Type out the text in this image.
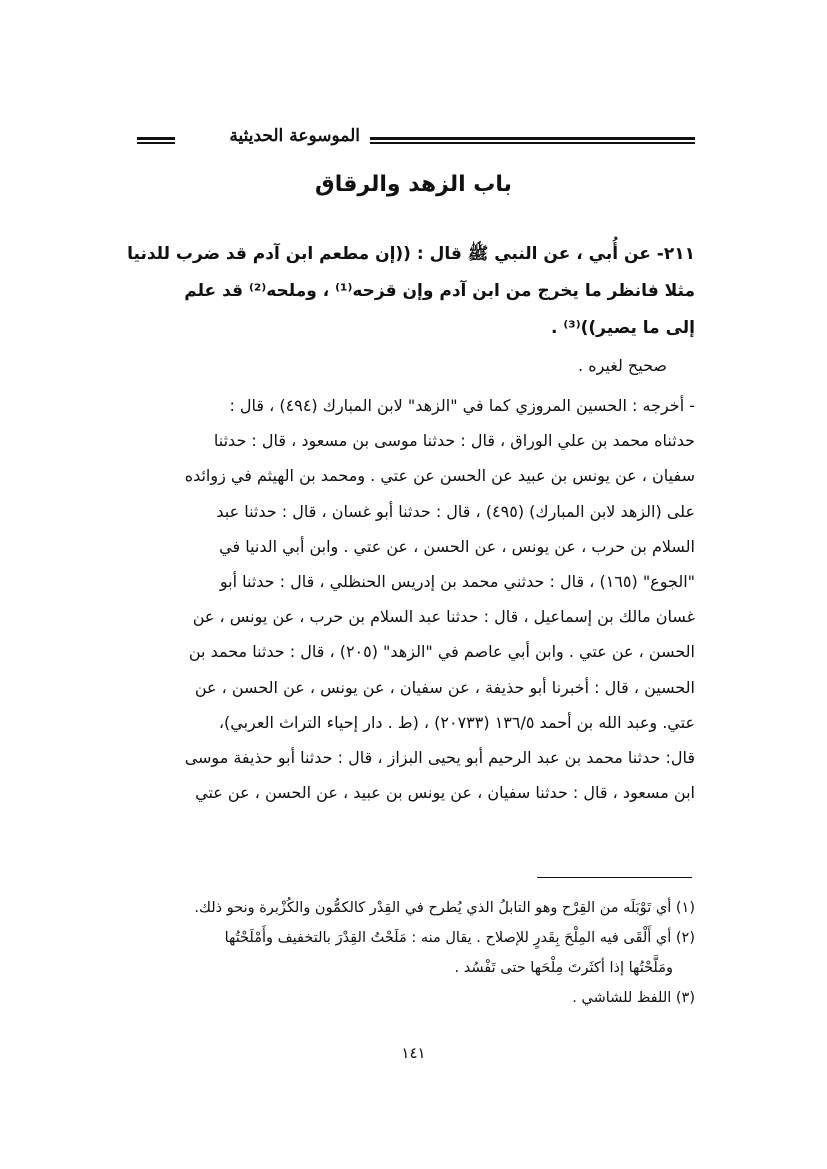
الموسوعة الحديثية
باب الزهد والرقاق

٢١١- عن أُبي ، عن النبي ﷺ قال : ((إن مطعم ابن آدم قد ضرب للدنيا
مثلا فانظر ما يخرج من ابن آدم وإن قزحه⁽¹⁾ ، وملحه⁽²⁾ قد علم
إلى ما يصير))⁽³⁾ .

صحيح لغيره .

- أخرجه : الحسين المروزي كما في "الزهد" لابن المبارك (٤٩٤) ، قال :
حدثناه محمد بن علي الوراق ، قال : حدثنا موسى بن مسعود ، قال : حدثنا
سفيان ، عن يونس بن عبيد عن الحسن عن عتي . ومحمد بن الهيثم في زوائده
على (الزهد لابن المبارك) (٤٩٥) ، قال : حدثنا أبو غسان ، قال : حدثنا عبد
السلام بن حرب ، عن يونس ، عن الحسن ، عن عتي . وابن أبي الدنيا في
"الجوع" (١٦٥) ، قال : حدثني محمد بن إدريس الحنظلي ، قال : حدثنا أبو
غسان مالك بن إسماعيل ، قال : حدثنا عبد السلام بن حرب ، عن يونس ، عن
الحسن ، عن عتي . وابن أبي عاصم في "الزهد" (٢٠٥) ، قال : حدثنا محمد بن
الحسين ، قال : أخبرنا أبو حذيفة ، عن سفيان ، عن يونس ، عن الحسن ، عن
عتي. وعبد الله بن أحمد ١٣٦/٥ (٢٠٧٣٣) ، (ط . دار إحياء التراث العربي)،
قال: حدثنا محمد بن عبد الرحيم أبو يحيى البزاز ، قال : حدثنا أبو حذيفة موسى
ابن مسعود ، قال : حدثنا سفيان ، عن يونس بن عبيد ، عن الحسن ، عن عتي

(١) أي تَوْبَلَه من القِرْح وهو التابلُ الذي يُطرح في القِدْر كالكمُّون والكُزْبرة ونحو ذلك.
(٢) أي أَلْقَى فيه المِلْحَ بِقَدرٍ للإصلاح . يقال منه : مَلَحْتُ القِدْرَ بالتخفيف وأَمْلَحْتُها
ومَلَّحْتُها إذا أكثَرتَ مِلْحَها حتى تَفْسُد .
(٣) اللفظ للشاشي .
١٤١
